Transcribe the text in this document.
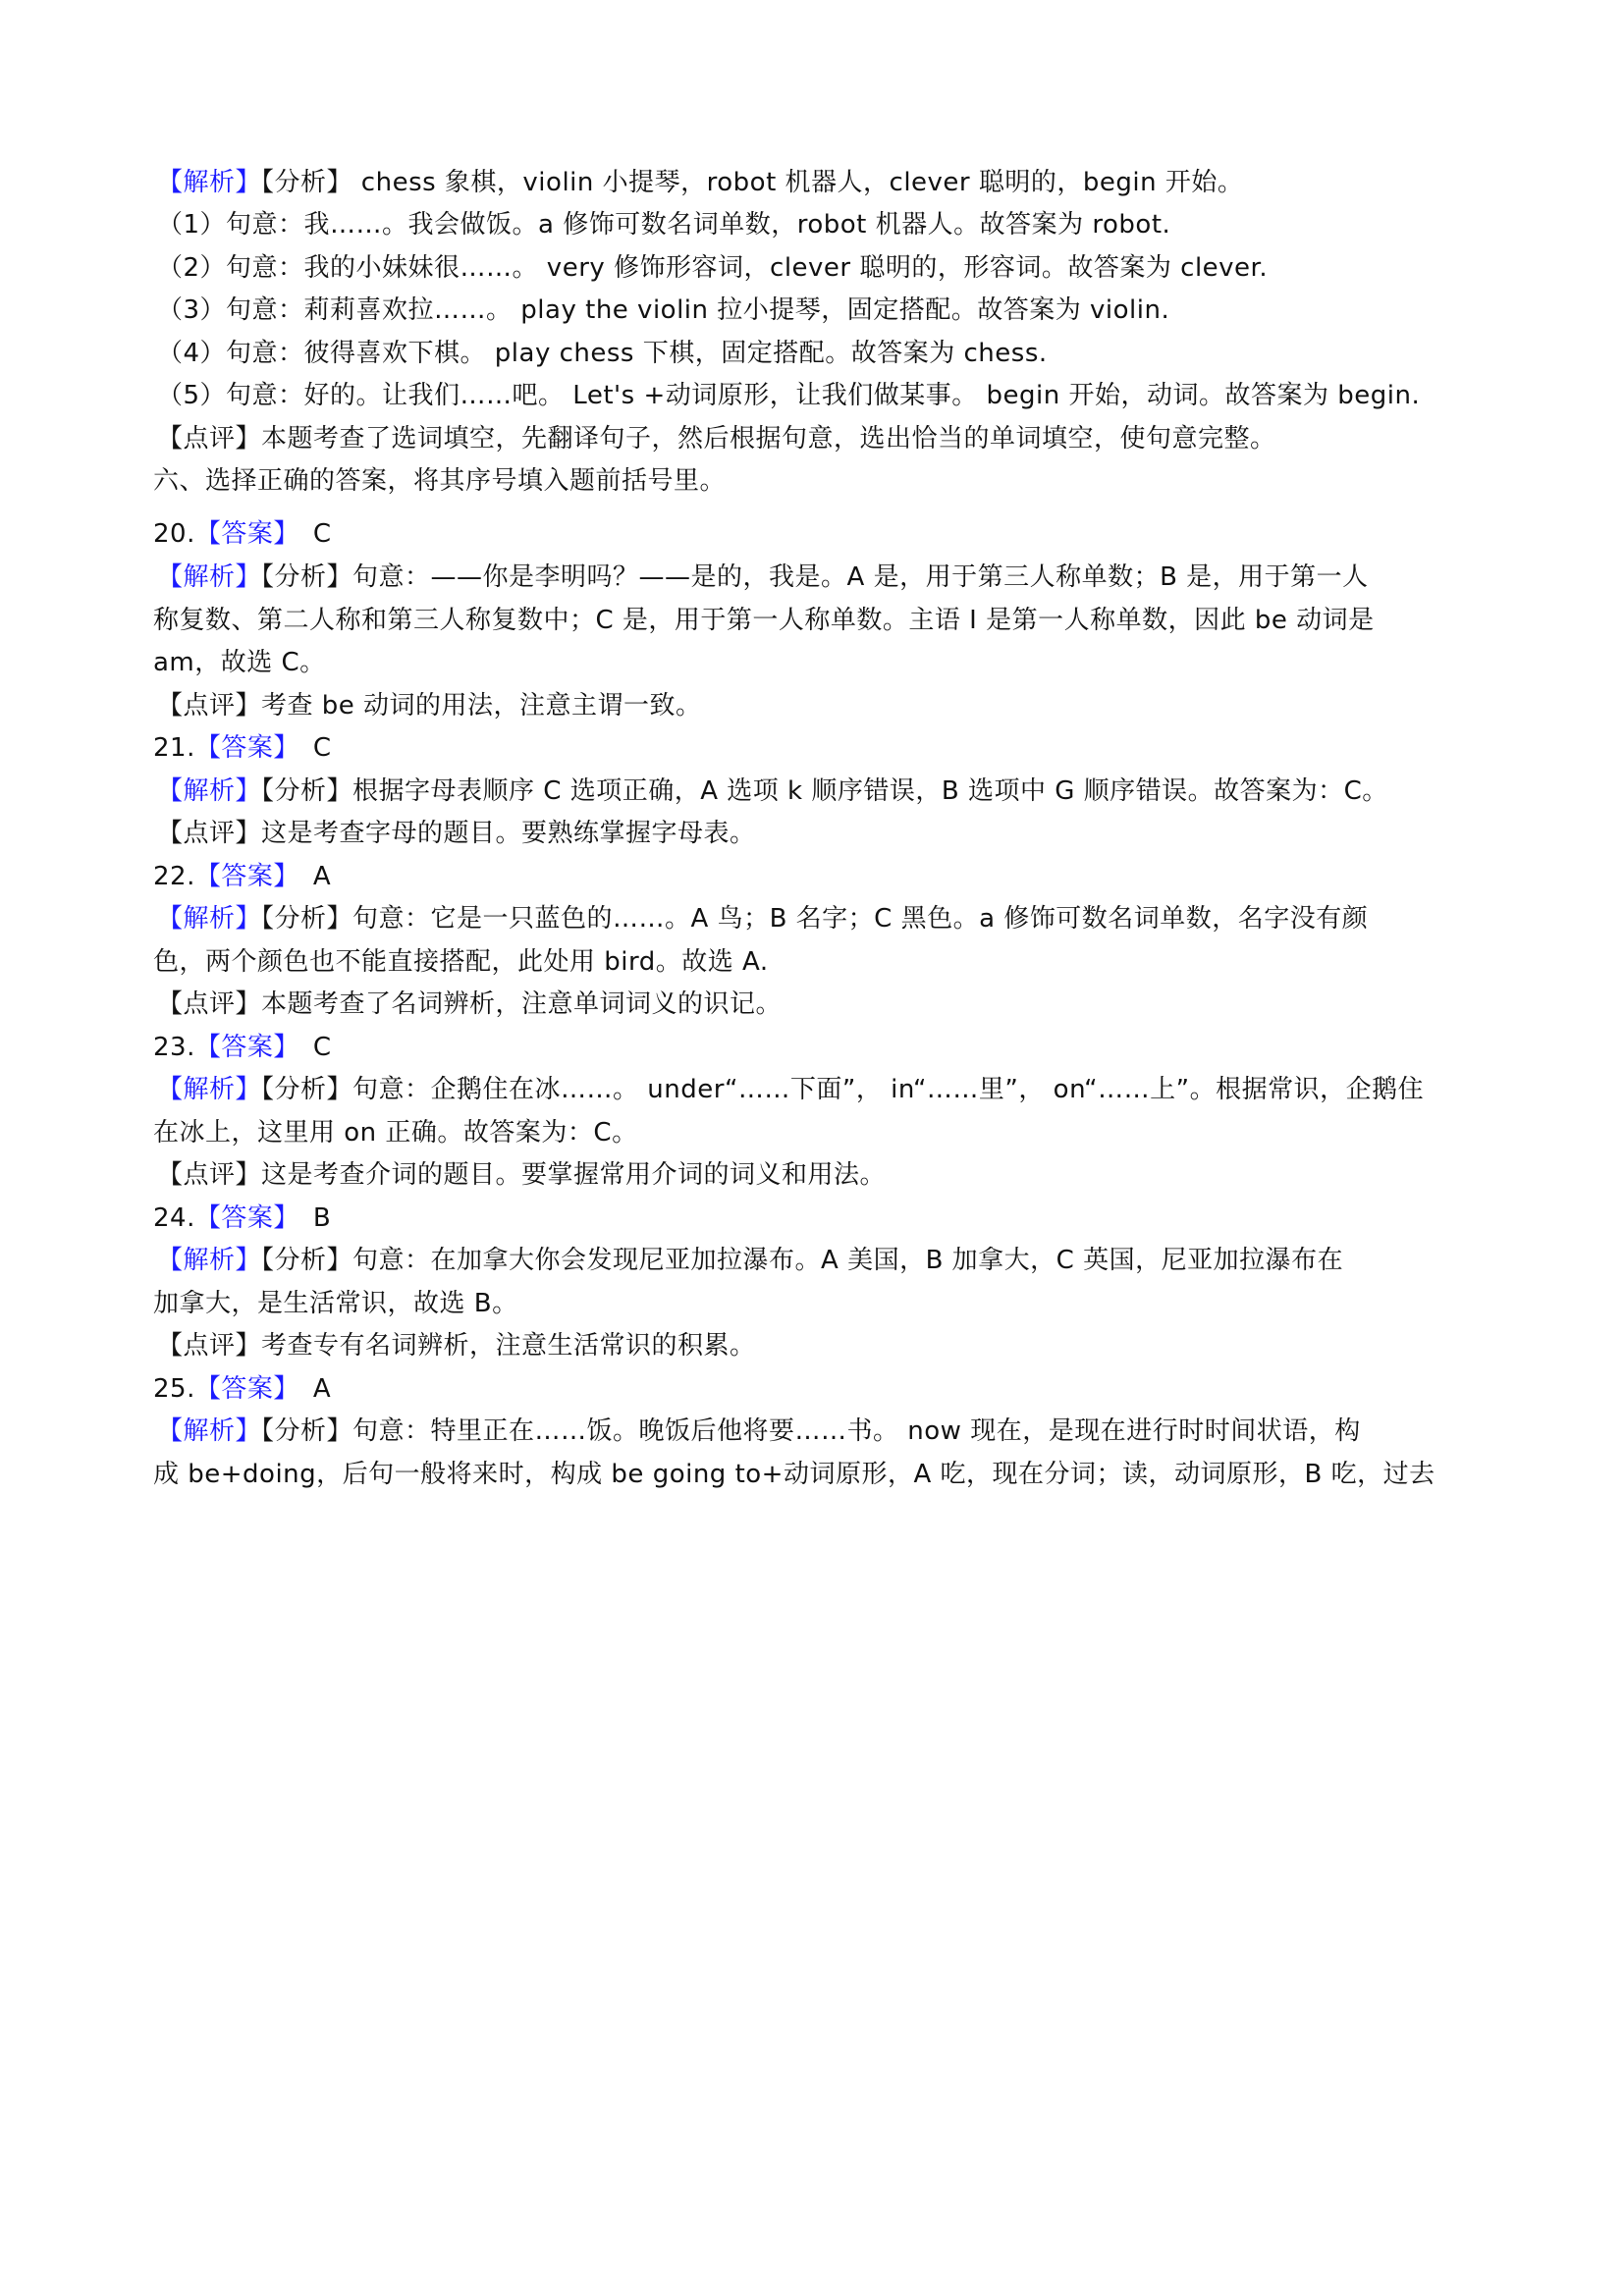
【解析】【分析】 chess 象棋，violin 小提琴，robot 机器人，clever 聪明的，begin 开始。
（1）句意：我……。我会做饭。a 修饰可数名词单数，robot 机器人。故答案为 robot.
（2）句意：我的小妹妹很……。 very 修饰形容词，clever 聪明的，形容词。故答案为 clever.
（3）句意：莉莉喜欢拉……。 play the violin 拉小提琴，固定搭配。故答案为 violin.
（4）句意：彼得喜欢下棋。 play chess 下棋，固定搭配。故答案为 chess.
（5）句意：好的。让我们……吧。 Let's +动词原形，让我们做某事。 begin 开始，动词。故答案为 begin.
【点评】本题考查了选词填空，先翻译句子，然后根据句意，选出恰当的单词填空，使句意完整。
六、选择正确的答案，将其序号填入题前括号里。
20.【答案】 C
【解析】【分析】句意：——你是李明吗？——是的，我是。A 是，用于第三人称单数；B 是，用于第一人
称复数、第二人称和第三人称复数中；C 是，用于第一人称单数。主语 I 是第一人称单数，因此 be 动词是
am，故选 C。
【点评】考查 be 动词的用法，注意主谓一致。
21.【答案】 C
【解析】【分析】根据字母表顺序 C 选项正确，A 选项 k 顺序错误，B 选项中 G 顺序错误。故答案为：C。
【点评】这是考查字母的题目。要熟练掌握字母表。
22.【答案】 A
【解析】【分析】句意：它是一只蓝色的……。A 鸟；B 名字；C 黑色。a 修饰可数名词单数，名字没有颜
色，两个颜色也不能直接搭配，此处用 bird。故选 A.
【点评】本题考查了名词辨析，注意单词词义的识记。
23.【答案】 C
【解析】【分析】句意：企鹅住在冰……。 under“……下面”， in“……里”， on“……上”。根据常识，企鹅住
在冰上，这里用 on 正确。故答案为：C。
【点评】这是考查介词的题目。要掌握常用介词的词义和用法。
24.【答案】 B
【解析】【分析】句意：在加拿大你会发现尼亚加拉瀑布。A 美国，B 加拿大，C 英国，尼亚加拉瀑布在
加拿大，是生活常识，故选 B。
【点评】考查专有名词辨析，注意生活常识的积累。
25.【答案】 A
【解析】【分析】句意：特里正在……饭。晚饭后他将要……书。 now 现在，是现在进行时时间状语，构
成 be+doing，后句一般将来时，构成 be going to+动词原形，A 吃，现在分词；读，动词原形，B 吃，过去
